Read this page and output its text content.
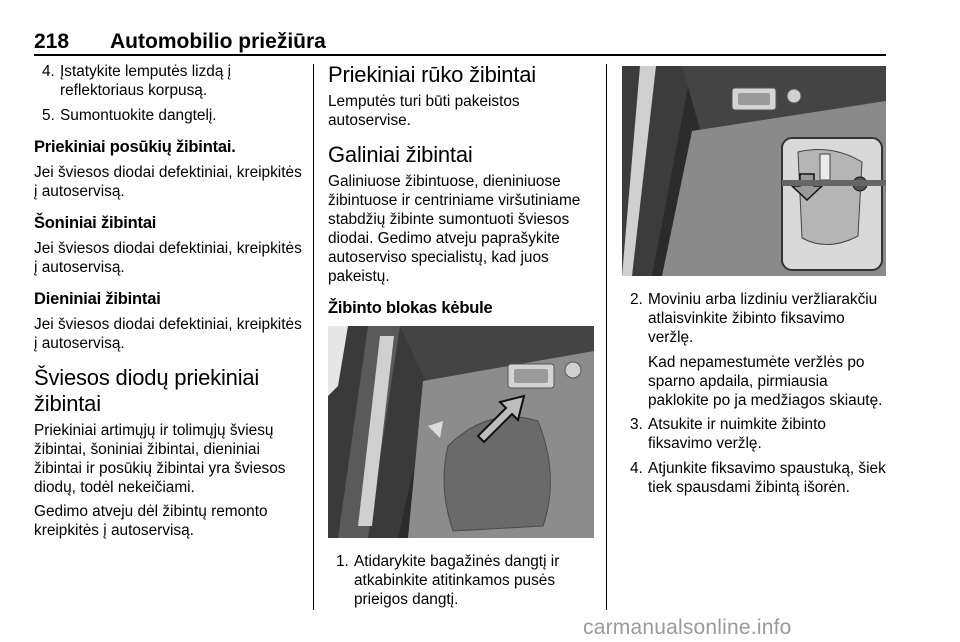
218 Automobilio priežiūra
4. Įstatykite lemputės lizdą į reflektoriaus korpusą.
5. Sumontuokite dangtelį.
Priekiniai posūkių žibintai.

Jei šviesos diodai defektiniai, kreipkitės į autoservisą.

Šoniniai žibintai

Jei šviesos diodai defektiniai, kreipkitės į autoservisą.

Dieniniai žibintai

Jei šviesos diodai defektiniai, kreipkitės į autoservisą.

Šviesos diodų priekiniai žibintai

Priekiniai artimųjų ir tolimųjų šviesų žibintai, šoniniai žibintai, dieniniai žibintai ir posūkių žibintai yra šviesos diodų, todėl nekeičiami.

Gedimo atveju dėl žibintų remonto kreipkitės į autoservisą.

Priekiniai rūko žibintai

Lemputės turi būti pakeistos autoservise.

Galiniai žibintai

Galiniuose žibintuose, dieniniuose žibintuose ir centriniame viršutiniame stabdžių žibinte sumontuoti šviesos diodai. Gedimo atveju paprašykite autoserviso specialistų, kad juos pakeistų.

Žibinto blokas kėbule
1. Atidarykite bagažinės dangtį ir atkabinkite atitinkamos pusės prieigos dangtį.
2. Moviniu arba lizdiniu veržliarakčiu atlaisvinkite žibinto fiksavimo veržlę.

Kad nepamestumėte veržlės po sparno apdaila, pirmiausia paklokite po ja medžiagos skiautę.

3. Atsukite ir nuimkite žibinto fiksavimo veržlę.
4. Atjunkite fiksavimo spaustuką, šiek tiek spausdami žibintą išorėn.
carmanualsonline.info
